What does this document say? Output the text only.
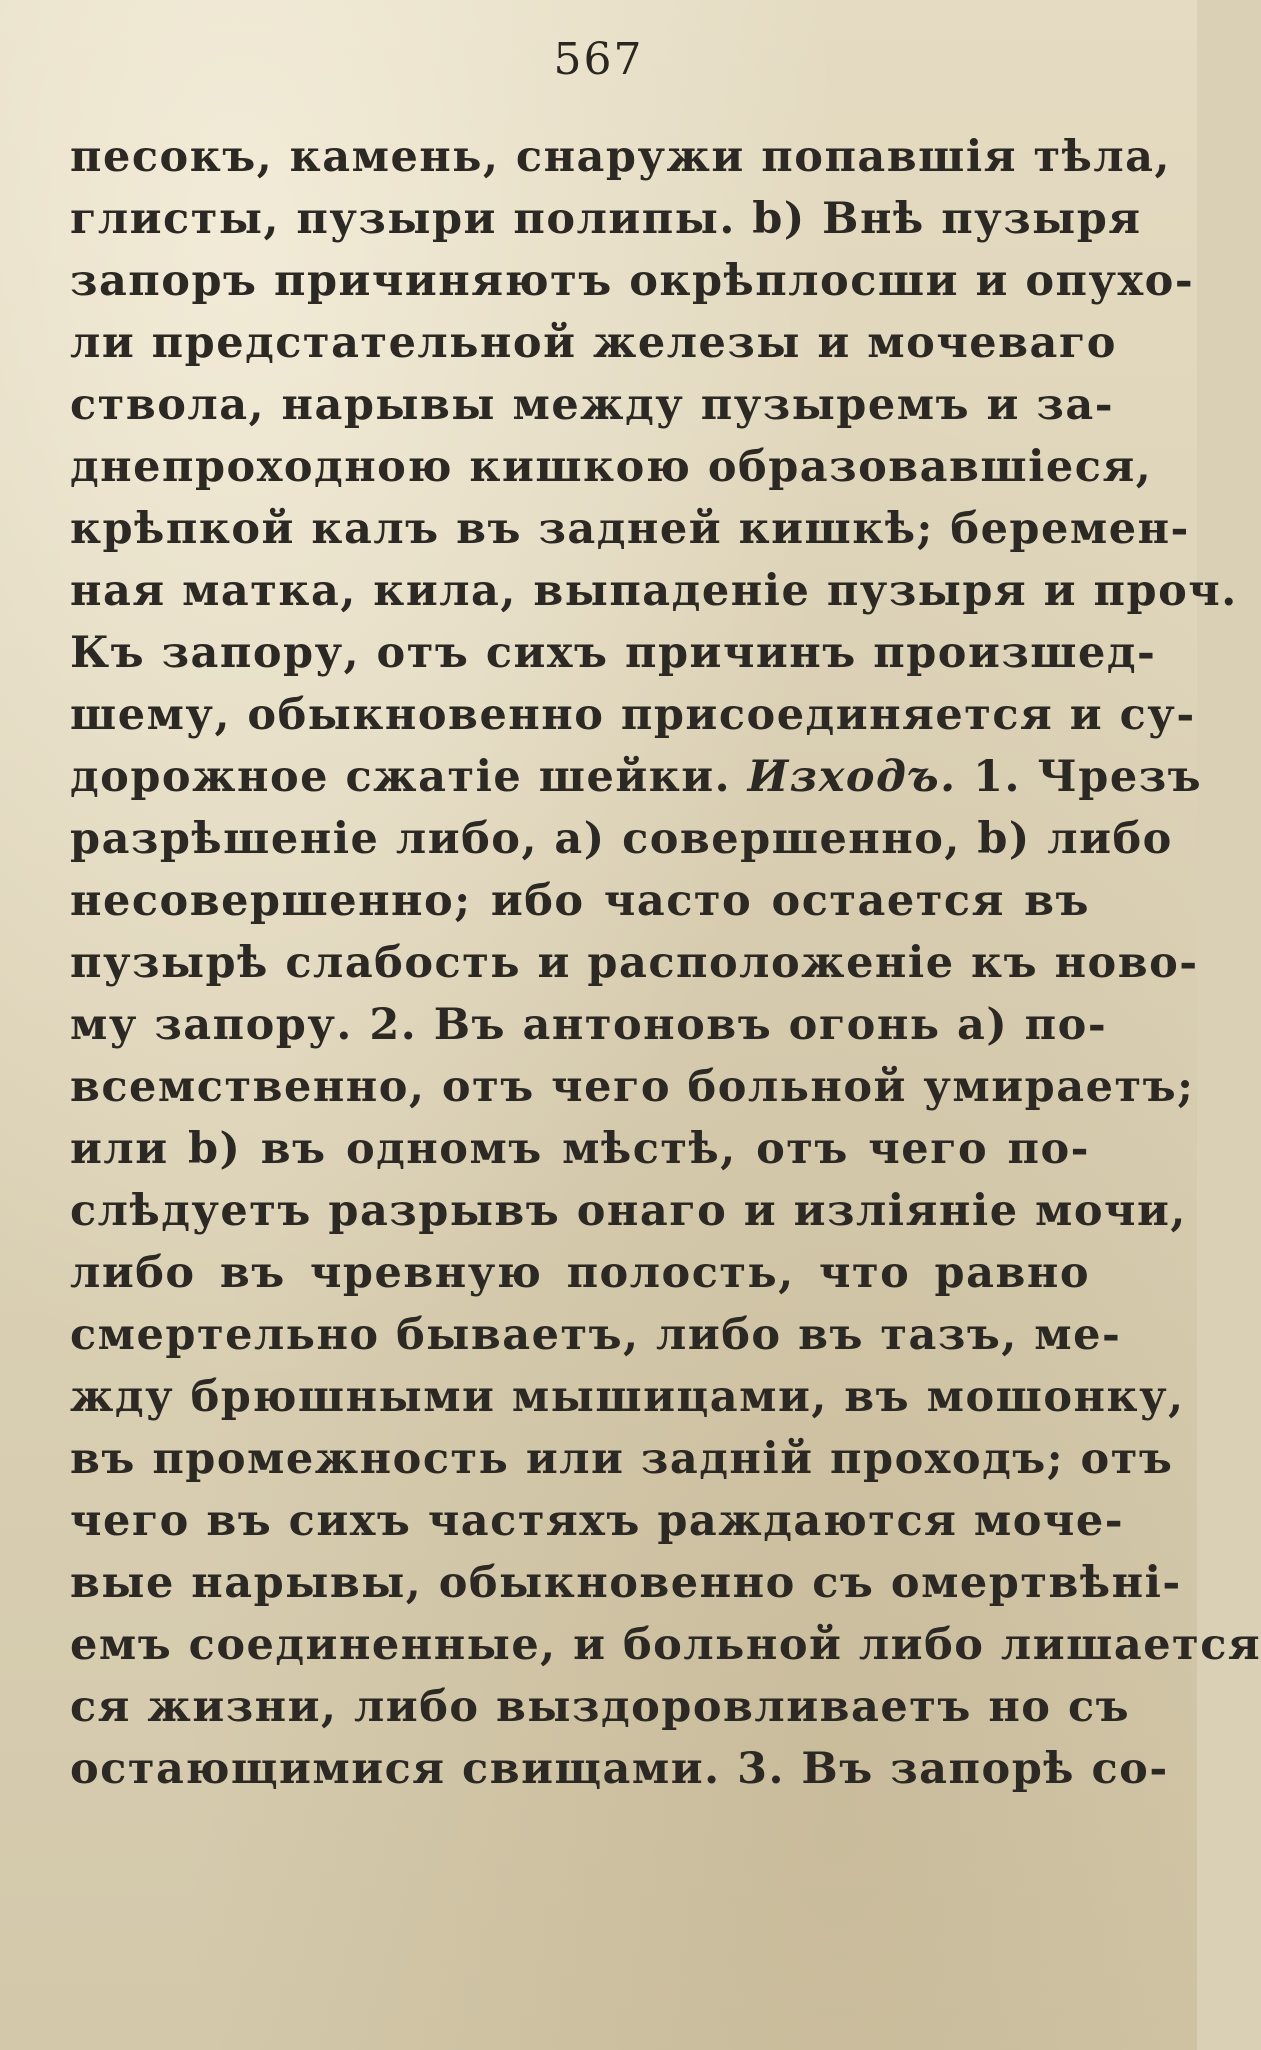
567
песокъ, камень, снаружи попавшія тѣла,
глисты, пузыри полипы. b) Внѣ пузыря
запоръ причиняютъ окрѣплосши и опухо-
ли предстательной железы и мочеваго
ствола, нарывы между пузыремъ и за-
днепроходною кишкою образовавшіеся,
крѣпкой калъ въ задней кишкѣ; беремен-
ная матка, кила, выпаденіе пузыря и проч.
Къ запору, отъ сихъ причинъ произшед-
шему, обыкновенно присоединяется и су-
дорожное сжатіе шейки. Изходъ. 1. Чрезъ
разрѣшеніе либо, a) совершенно, b) либо
несовершенно; ибо часто остается въ
пузырѣ слабость и расположеніе къ ново-
му запору. 2. Въ антоновъ огонь a) по-
всемственно, отъ чего больной умираетъ;
или b) въ одномъ мѣстѣ, отъ чего по-
слѣдуетъ разрывъ онаго и изліяніе мочи,
либо въ чревную полость, что равно
смертельно бываетъ, либо въ тазъ, ме-
жду брюшными мышицами, въ мошонку,
въ промежность или задній проходъ; отъ
чего въ сихъ частяхъ раждаются моче-
вые нарывы, обыкновенно съ омертвѣні-
емъ соединенные, и больной либо лишается
ся жизни, либо выздоровливаетъ но съ
остающимися свищами. 3. Въ запорѣ со-
